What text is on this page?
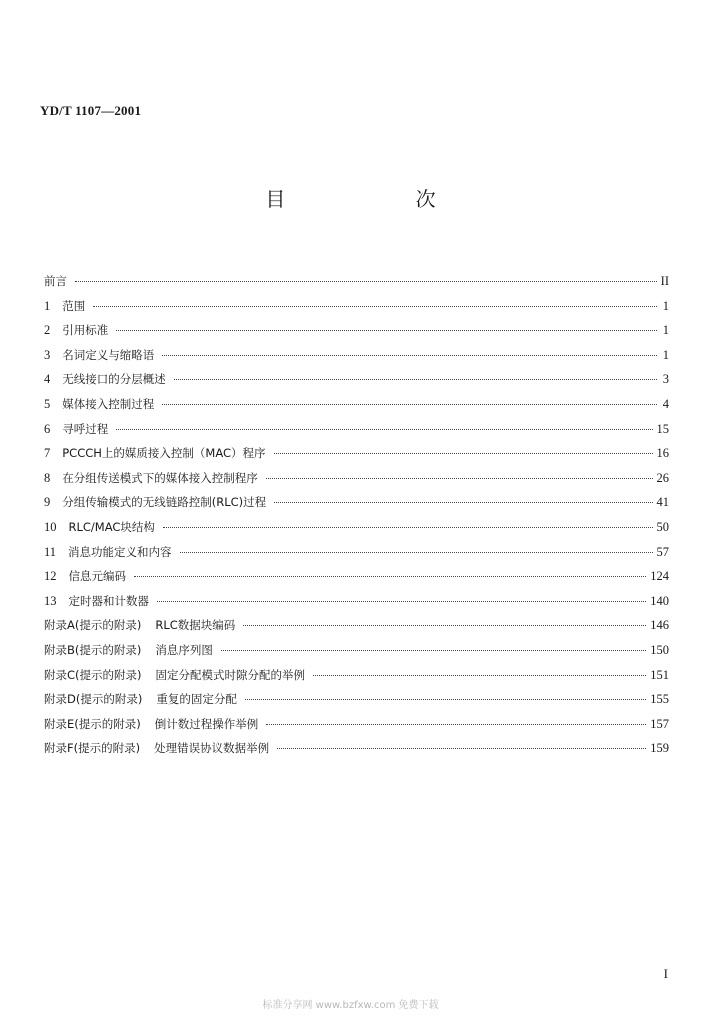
YD/T 1107—2001
目 次
前言	II
1 范围	1
2 引用标准	1
3 名词定义与缩略语	1
4 无线接口的分层概述	3
5 媒体接入控制过程	4
6 寻呼过程	15
7 PCCCH上的媒质接入控制（MAC）程序	16
8 在分组传送模式下的媒体接入控制程序	26
9 分组传输模式的无线链路控制(RLC)过程	41
10 RLC/MAC块结构	50
11 消息功能定义和内容	57
12 信息元编码	124
13 定时器和计数器	140
附录A(提示的附录) RLC数据块编码	146
附录B(提示的附录) 消息序列图	150
附录C(提示的附录) 固定分配模式时隙分配的举例	151
附录D(提示的附录) 重复的固定分配	155
附录E(提示的附录) 倒计数过程操作举例	157
附录F(提示的附录) 处理错误协议数据举例	159
I
标准分享网 www.bzfxw.com 免费下载
